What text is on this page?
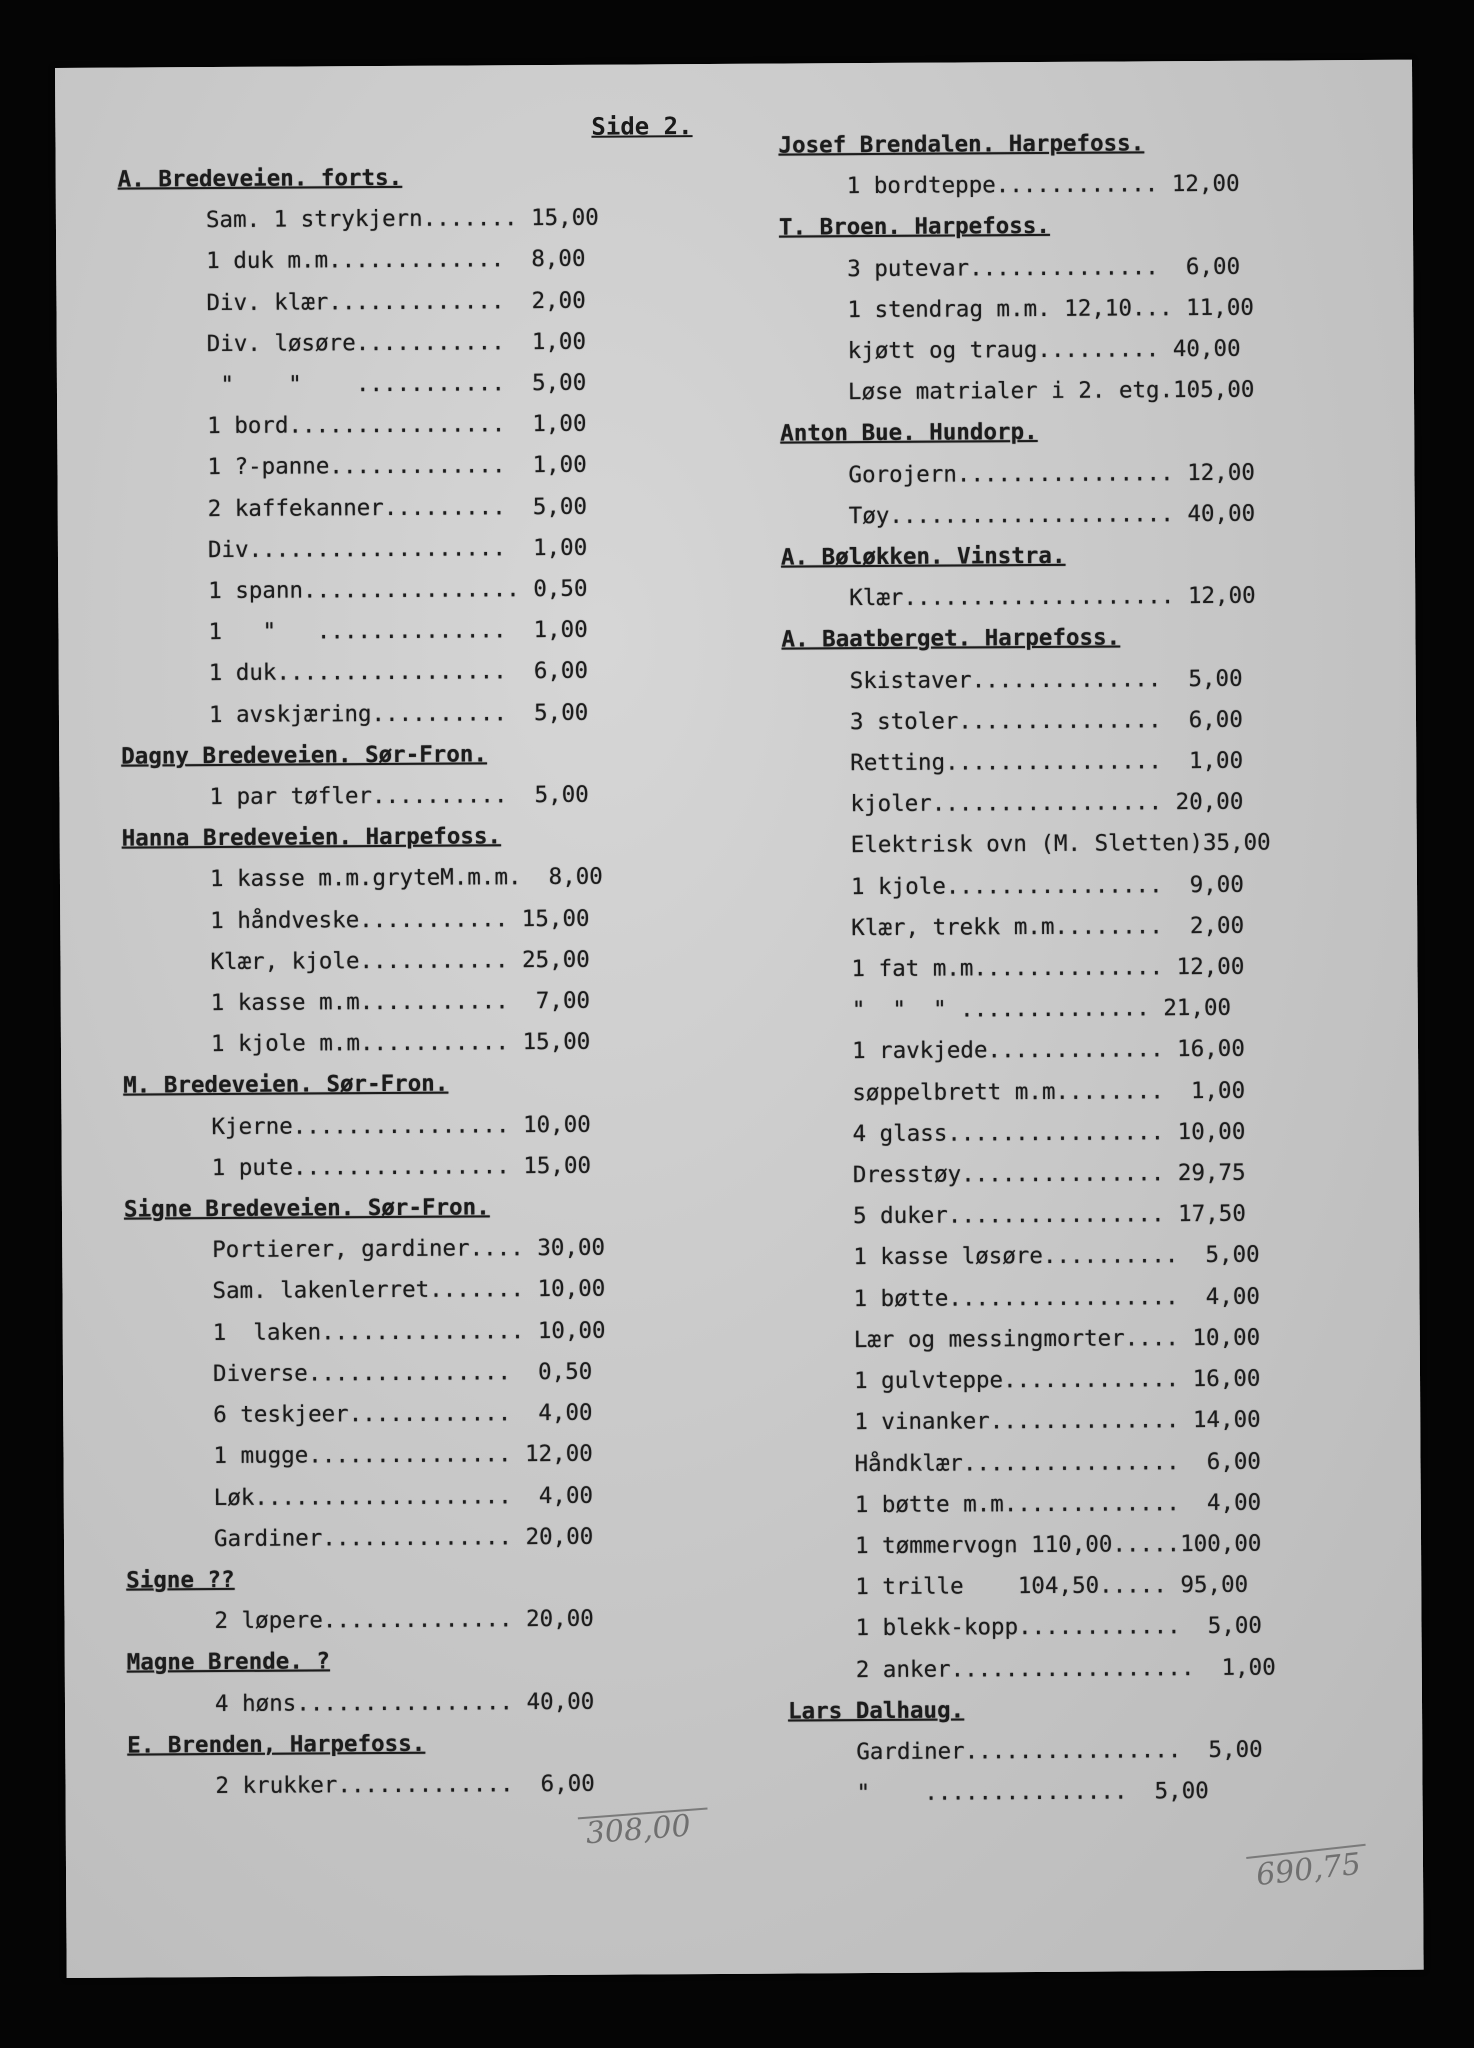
Side 2.
A. Bredeveien. forts.
Sam. 1 strykjern....... 15,00
1 duk m.m.............  8,00
Div. klær.............  2,00
Div. løsøre...........  1,00
"    "    ...........  5,00
1 bord................  1,00
1 ?-panne.............  1,00
2 kaffekanner.........  5,00
Div...................  1,00
1 spann................ 0,50
1   "   ..............  1,00
1 duk.................  6,00
1 avskjæring..........  5,00
Dagny Bredeveien. Sør-Fron.
1 par tøfler..........  5,00
Hanna Bredeveien. Harpefoss.
1 kasse m.m.gryteM.m.m.  8,00
1 håndveske........... 15,00
Klær, kjole........... 25,00
1 kasse m.m...........  7,00
1 kjole m.m........... 15,00
M. Bredeveien. Sør-Fron.
Kjerne................ 10,00
1 pute................ 15,00
Signe Bredeveien. Sør-Fron.
Portierer, gardiner.... 30,00
Sam. lakenlerret....... 10,00
1  laken............... 10,00
Diverse...............  0,50
6 teskjeer............  4,00
1 mugge............... 12,00
Løk...................  4,00
Gardiner.............. 20,00
Signe ??
2 løpere.............. 20,00
Magne Brende. ?
4 høns................ 40,00
E. Brenden, Harpefoss.
2 krukker.............  6,00
Josef Brendalen. Harpefoss.
1 bordteppe............ 12,00
T. Broen. Harpefoss.
3 putevar..............  6,00
1 stendrag m.m. 12,10... 11,00
kjøtt og traug......... 40,00
Løse matrialer i 2. etg.105,00
Anton Bue. Hundorp.
Gorojern................ 12,00
Tøy..................... 40,00
A. Bøløkken. Vinstra.
Klær.................... 12,00
A. Baatberget. Harpefoss.
Skistaver..............  5,00
3 stoler...............  6,00
Retting................  1,00
kjoler................. 20,00
Elektrisk ovn (M. Sletten)35,00
1 kjole................  9,00
Klær, trekk m.m........  2,00
1 fat m.m.............. 12,00
"  "  " .............. 21,00
1 ravkjede............. 16,00
søppelbrett m.m........  1,00
4 glass................ 10,00
Dresstøy............... 29,75
5 duker................ 17,50
1 kasse løsøre..........  5,00
1 bøtte.................  4,00
Lær og messingmorter.... 10,00
1 gulvteppe............. 16,00
1 vinanker.............. 14,00
Håndklær................  6,00
1 bøtte m.m.............  4,00
1 tømmervogn 110,00.....100,00
1 trille    104,50..... 95,00
1 blekk-kopp............  5,00
2 anker..................  1,00
Lars Dalhaug.
Gardiner................  5,00
"    ...............  5,00
308,00
690,75
